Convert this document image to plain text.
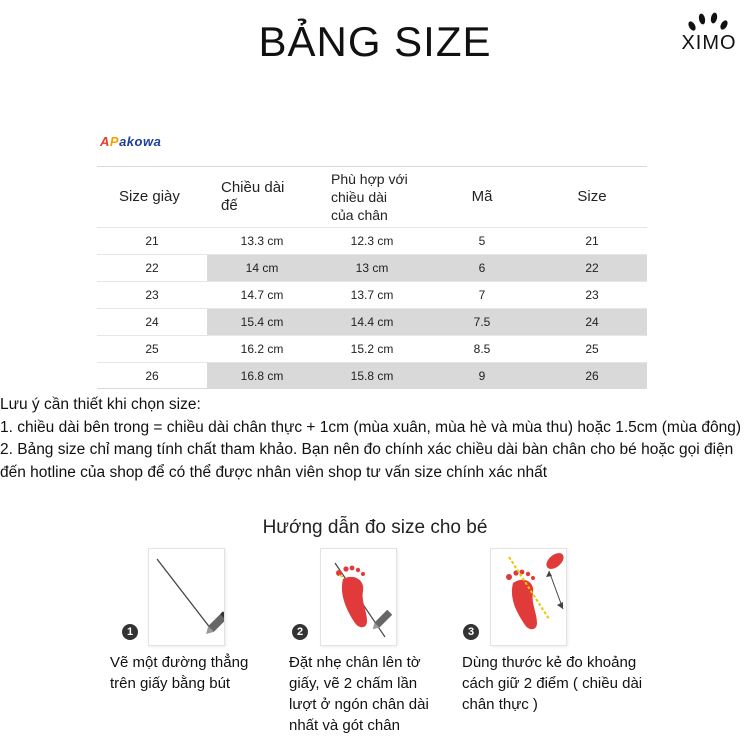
BẢNG SIZE	XIMO
APakowa
Size giày	Chiều dài đế	Phù hợp với chiều dài của chân	Mã	Size
21	13.3 cm	12.3 cm	5	21
22	14 cm	13 cm	6	22
23	14.7 cm	13.7 cm	7	23
24	15.4 cm	14.4 cm	7.5	24
25	16.2 cm	15.2 cm	8.5	25
26	16.8 cm	15.8 cm	9	26

Lưu ý cần thiết khi chọn size:

1. chiều dài bên trong = chiều dài chân thực + 1cm (mùa xuân, mùa hè và mùa thu) hoặc 1.5cm (mùa đông)

2. Bảng size chỉ mang tính chất tham khảo. Bạn nên đo chính xác chiều dài bàn chân cho bé hoặc gọi điện đến hotline của shop để có thể được nhân viên shop tư vấn size chính xác nhất

Hướng dẫn đo size cho bé
1
Vẽ một đường thẳng
trên giấy bằng bút
2
Đặt nhẹ chân lên tờ
giấy, vẽ 2 chấm lần
lượt ở ngón chân dài
nhất và gót chân
3
Dùng thước kẻ đo khoảng
cách giữ 2 điểm ( chiều dài
chân thực )
